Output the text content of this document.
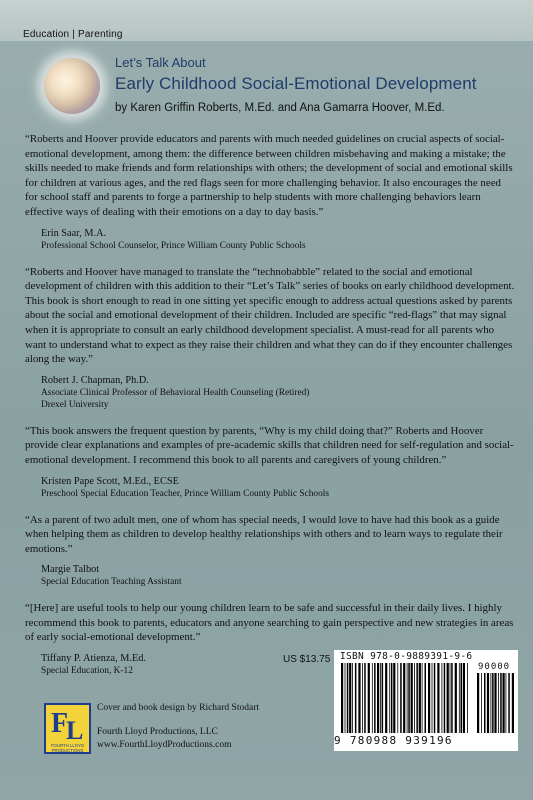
Education | Parenting
Let’s Talk About
Early Childhood Social-Emotional Development
by Karen Griffin Roberts, M.Ed. and Ana Gamarra Hoover, M.Ed.

“Roberts and Hoover provide educators and parents with much needed guidelines on crucial aspects of social-emotional development, among them: the difference between children misbehaving and making a mistake; the skills needed to make friends and form relationships with others; the development of social and emotional skills for children at various ages, and the red flags seen for more challenging behavior. It also encourages the need for school staff and parents to forge a partnership to help students with more challenging behaviors learn effective ways of dealing with their emotions on a day to day basis.”

Erin Saar, M.A.
Professional School Counselor, Prince William County Public Schools

“Roberts and Hoover have managed to translate the “technobabble” related to the social and emotional development of children with this addition to their “Let’s Talk” series of books on early childhood development. This book is short enough to read in one sitting yet specific enough to address actual questions asked by parents about the social and emotional development of their children. Included are specific “red-flags” that may signal when it is appropriate to consult an early childhood development specialist. A must-read for all parents who want to understand what to expect as they raise their children and what they can do if they encounter challenges along the way.”

Robert J. Chapman, Ph.D.
Associate Clinical Professor of Behavioral Health Counseling (Retired)
Drexel University

“This book answers the frequent question by parents, “Why is my child doing that?” Roberts and Hoover provide clear explanations and examples of pre-academic skills that children need for self-regulation and social-emotional development. I recommend this book to all parents and caregivers of young children.”

Kristen Pape Scott, M.Ed., ECSE
Preschool Special Education Teacher, Prince William County Public Schools

“As a parent of two adult men, one of whom has special needs, I would love to have had this book as a guide when helping them as children to develop healthy relationships with others and to learn ways to regulate their emotions.”

Margie Talbot
Special Education Teaching Assistant

“[Here] are useful tools to help our young children learn to be safe and successful in their daily lives. I highly recommend this book to parents, educators and anyone searching to gain perspective and new strategies in areas of early social-emotional development.”

Tiffany P. Atienza, M.Ed.
Special Education, K-12
US $13.75 ISBN 978-0-9889391-9-6
90000
9 780988 939196
F
L
FOURTH LLOYD PRODUCTIONS
Cover and book design by Richard Stodart
Fourth Lloyd Productions, LLC
www.FourthLloydProductions.com
